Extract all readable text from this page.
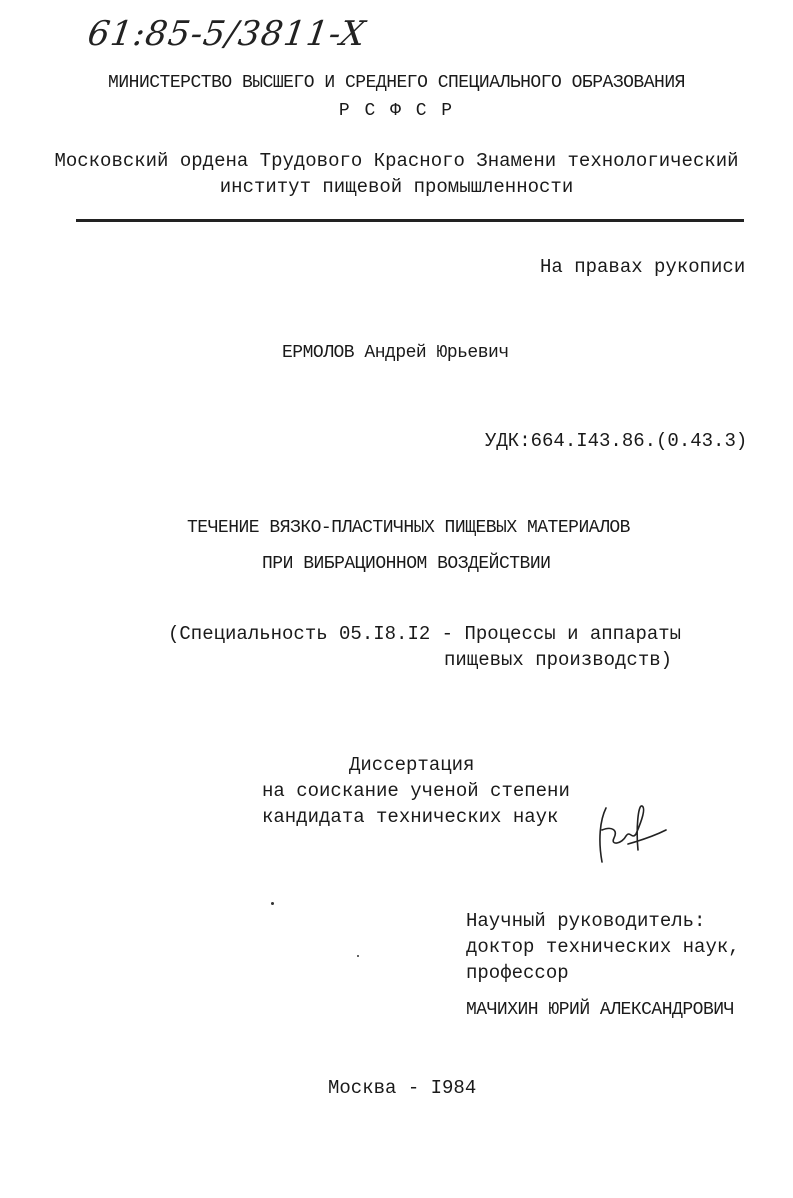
61:85-5/3811-X
МИНИСТЕРСТВО ВЫСШЕГО И СРЕДНЕГО СПЕЦИАЛЬНОГО ОБРАЗОВАНИЯ
Р С Ф С Р
Московский ордена Трудового Красного Знамени технологический
институт пищевой промышленности
На правах рукописи
ЕРМОЛОВ Андрей Юрьевич
УДК:664.I43.86.(0.43.3)
ТЕЧЕНИЕ ВЯЗКО-ПЛАСТИЧНЫХ ПИЩЕВЫХ МАТЕРИАЛОВ
ПРИ ВИБРАЦИОННОМ ВОЗДЕЙСТВИИ
(Специальность 05.I8.I2 - Процессы и аппараты
пищевых производств)
Диссертация
на соискание ученой степени
кандидата технических наук
Научный руководитель:
доктор технических наук,
профессор
МАЧИХИН ЮРИЙ АЛЕКСАНДРОВИЧ
Москва - I984
